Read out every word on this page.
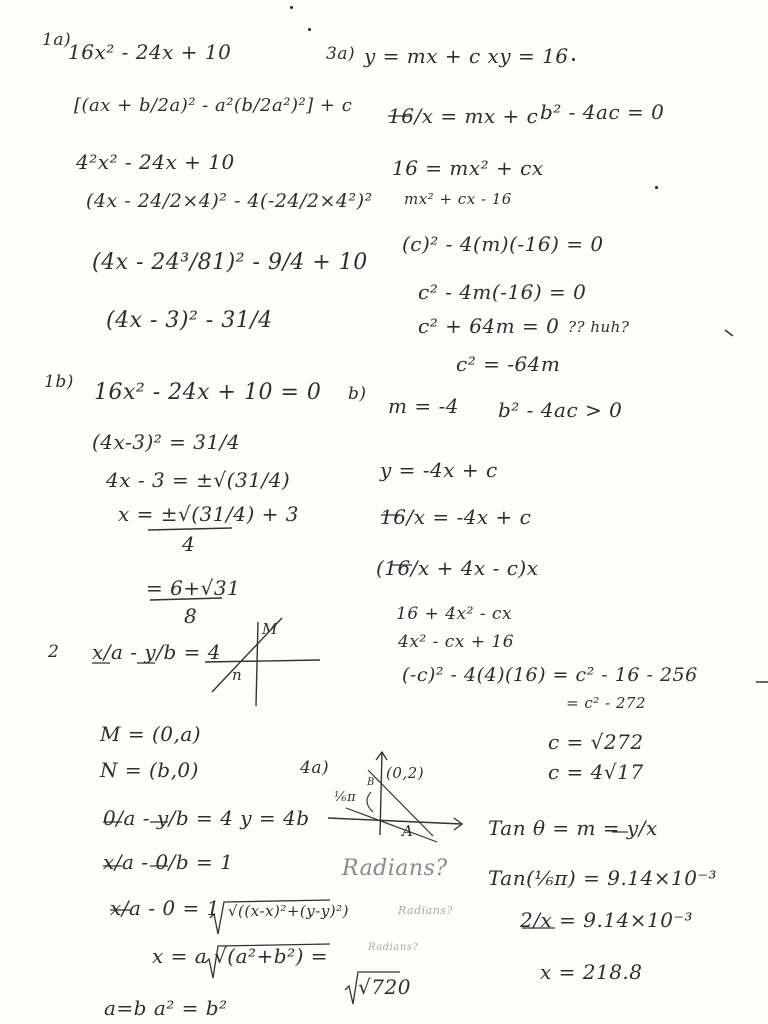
1a)
16x² - 24x + 10
[(ax + b/2a)² - a²(b/2a²)²] + c
4²x² - 24x + 10
(4x - 24/2×4)² - 4(-24/2×4²)²
(4x - 24³/81)² - 9/4 + 10
(4x - 3)² - 31/4
1b) 16x² - 24x + 10 = 0
(4x-3)² = 31/4
4x - 3 = ±√(31/4)
x = ±√(31/4) + 3
4
= 6+√31
8
2 x/a - y/b = 4
M
n
M = (0,a)
N = (b,0)
0/a - y/b = 4 y = 4b
x/a - 0/b = 1
x/a - 0 = 1 √((x-x)²+(y-y)²)
x = a √(a²+b²) =
√720
a=b a² = b²
3a) y = mx + c xy = 16
16/x = mx + c b² - 4ac = 0
16 = mx² + cx
mx² + cx - 16
(c)² - 4(m)(-16) = 0
c² - 4m(-16) = 0
c² + 64m = 0 ?? huh?
c² = -64m
b) m = -4 b² - 4ac > 0
y = -4x + c
16/x = -4x + c
(16/x + 4x - c)x
16 + 4x² - cx
4x² - cx + 16
(-c)² - 4(4)(16) = c² - 16 - 256
= c² - 272
c = √272
c = 4√17
4a)	(0,2)
B
A
⅙π
Tan θ = m = y/x
Radians? Tan(⅙π) = 9.14×10⁻³
Radians?	2/x = 9.14×10⁻³
Radians?
x = 218.8
